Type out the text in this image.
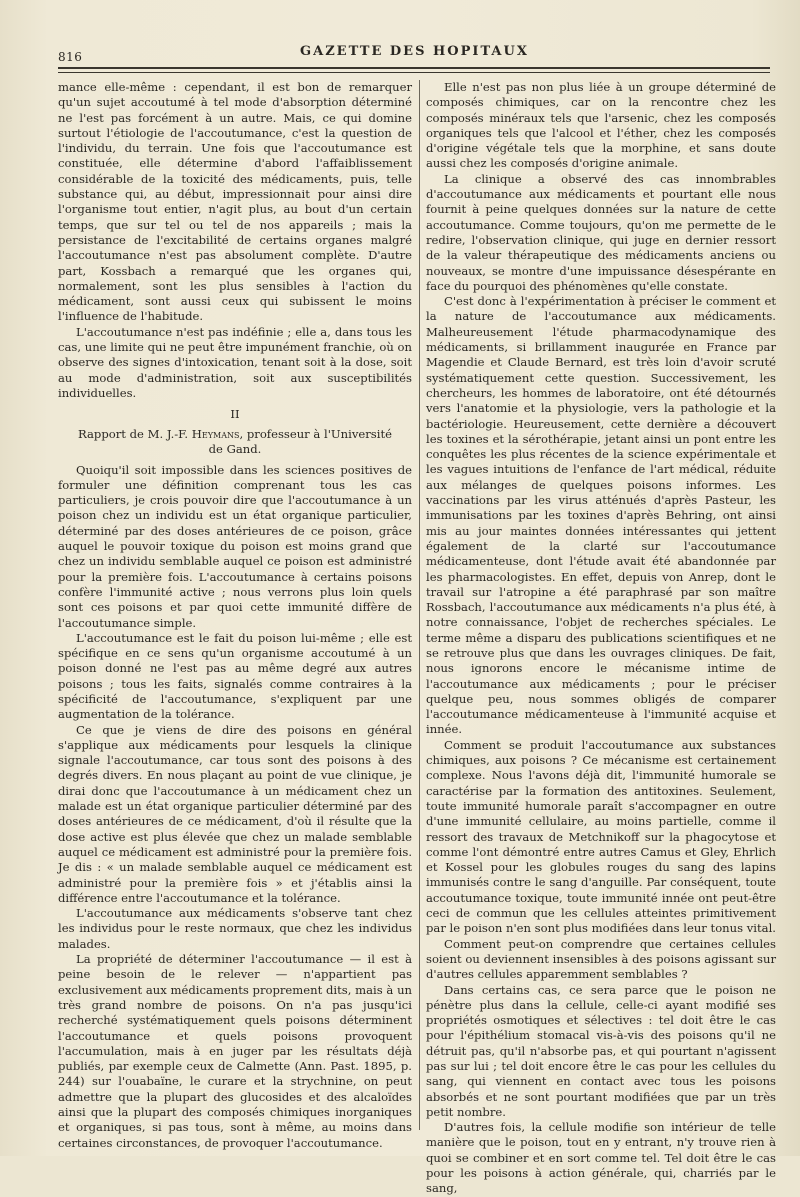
816	GAZETTE DES HOPITAUX

mance elle-même : cependant, il est bon de remarquer qu'un sujet accoutumé à tel mode d'absorption déterminé ne l'est pas forcément à un autre. Mais, ce qui domine surtout l'étiologie de l'accoutumance, c'est la question de l'individu, du terrain. Une fois que l'accoutumance est constituée, elle détermine d'abord l'affaiblissement considérable de la toxicité des médicaments, puis, telle substance qui, au début, impressionnait pour ainsi dire l'organisme tout entier, n'agit plus, au bout d'un certain temps, que sur tel ou tel de nos appareils ; mais la persistance de l'excitabilité de certains organes malgré l'accoutumance n'est pas absolument complète. D'autre part, Kossbach a remarqué que les organes qui, normalement, sont les plus sensibles à l'action du médicament, sont aussi ceux qui subissent le moins l'influence de l'habitude.

L'accoutumance n'est pas indéfinie ; elle a, dans tous les cas, une limite qui ne peut être impunément franchie, où on observe des signes d'intoxication, tenant soit à la dose, soit au mode d'administration, soit aux susceptibilités individuelles.

II
Rapport de M. J.-F. Heymans, professeur à l'Université de Gand.

Quoiqu'il soit impossible dans les sciences positives de formuler une définition comprenant tous les cas particuliers, je crois pouvoir dire que l'accoutumance à un poison chez un individu est un état organique particulier, déterminé par des doses antérieures de ce poison, grâce auquel le pouvoir toxique du poison est moins grand que chez un individu semblable auquel ce poison est administré pour la première fois. L'accoutumance à certains poisons confère l'immunité active ; nous verrons plus loin quels sont ces poisons et par quoi cette immunité diffère de l'accoutumance simple.

L'accoutumance est le fait du poison lui-même ; elle est spécifique en ce sens qu'un organisme accoutumé à un poison donné ne l'est pas au même degré aux autres poisons ; tous les faits, signalés comme contraires à la spécificité de l'accoutumance, s'expliquent par une augmentation de la tolérance.

Ce que je viens de dire des poisons en général s'applique aux médicaments pour lesquels la clinique signale l'accoutumance, car tous sont des poisons à des degrés divers. En nous plaçant au point de vue clinique, je dirai donc que l'accoutumance à un médicament chez un malade est un état organique particulier déterminé par des doses antérieures de ce médicament, d'où il résulte que la dose active est plus élevée que chez un malade semblable auquel ce médicament est administré pour la première fois. Je dis : « un malade semblable auquel ce médicament est administré pour la première fois » et j'établis ainsi la différence entre l'accoutumance et la tolérance.

L'accoutumance aux médicaments s'observe tant chez les individus pour le reste normaux, que chez les individus malades.

La propriété de déterminer l'accoutumance — il est à peine besoin de le relever — n'appartient pas exclusivement aux médicaments proprement dits, mais à un très grand nombre de poisons. On n'a pas jusqu'ici recherché systématiquement quels poisons déterminent l'accoutumance et quels poisons provoquent l'accumulation, mais à en juger par les résultats déjà publiés, par exemple ceux de Calmette (Ann. Past. 1895, p. 244) sur l'ouabaïne, le curare et la strychnine, on peut admettre que la plupart des glucosides et des alcaloïdes ainsi que la plupart des composés chimiques inorganiques et organiques, si pas tous, sont à même, au moins dans certaines circonstances, de provoquer l'accoutumance.

Elle n'est pas non plus liée à un groupe déterminé de composés chimiques, car on la rencontre chez les composés minéraux tels que l'arsenic, chez les composés organiques tels que l'alcool et l'éther, chez les composés d'origine végétale tels que la morphine, et sans doute aussi chez les composés d'origine animale.

La clinique a observé des cas innombrables d'accoutumance aux médicaments et pourtant elle nous fournit à peine quelques données sur la nature de cette accoutumance. Comme toujours, qu'on me permette de le redire, l'observation clinique, qui juge en dernier ressort de la valeur thérapeutique des médicaments anciens ou nouveaux, se montre d'une impuissance désespérante en face du pourquoi des phénomènes qu'elle constate.

C'est donc à l'expérimentation à préciser le comment et la nature de l'accoutumance aux médicaments. Malheureusement l'étude pharmacodynamique des médicaments, si brillamment inaugurée en France par Magendie et Claude Bernard, est très loin d'avoir scruté systématiquement cette question. Successivement, les chercheurs, les hommes de laboratoire, ont été détournés vers l'anatomie et la physiologie, vers la pathologie et la bactériologie. Heureusement, cette dernière a découvert les toxines et la sérothérapie, jetant ainsi un pont entre les conquêtes les plus récentes de la science expérimentale et les vagues intuitions de l'enfance de l'art médical, réduite aux mélanges de quelques poisons informes. Les vaccinations par les virus atténués d'après Pasteur, les immunisations par les toxines d'après Behring, ont ainsi mis au jour maintes données intéressantes qui jettent également de la clarté sur l'accoutumance médicamenteuse, dont l'étude avait été abandonnée par les pharmacologistes. En effet, depuis von Anrep, dont le travail sur l'atropine a été paraphrasé par son maître Rossbach, l'accoutumance aux médicaments n'a plus été, à notre connaissance, l'objet de recherches spéciales. Le terme même a disparu des publications scientifiques et ne se retrouve plus que dans les ouvrages cliniques. De fait, nous ignorons encore le mécanisme intime de l'accoutumance aux médicaments ; pour le préciser quelque peu, nous sommes obligés de comparer l'accoutumance médicamenteuse à l'immunité acquise et innée.

Comment se produit l'accoutumance aux substances chimiques, aux poisons ? Ce mécanisme est certainement complexe. Nous l'avons déjà dit, l'immunité humorale se caractérise par la formation des antitoxines. Seulement, toute immunité humorale paraît s'accompagner en outre d'une immunité cellulaire, au moins partielle, comme il ressort des travaux de Metchnikoff sur la phagocytose et comme l'ont démontré entre autres Camus et Gley, Ehrlich et Kossel pour les globules rouges du sang des lapins immunisés contre le sang d'anguille. Par conséquent, toute accoutumance toxique, toute immunité innée ont peut-être ceci de commun que les cellules atteintes primitivement par le poison n'en sont plus modifiées dans leur tonus vital.

Comment peut-on comprendre que certaines cellules soient ou deviennent insensibles à des poisons agissant sur d'autres cellules apparemment semblables ?

Dans certains cas, ce sera parce que le poison ne pénètre plus dans la cellule, celle-ci ayant modifié ses propriétés osmotiques et sélectives : tel doit être le cas pour l'épithélium stomacal vis-à-vis des poisons qu'il ne détruit pas, qu'il n'absorbe pas, et qui pourtant n'agissent pas sur lui ; tel doit encore être le cas pour les cellules du sang, qui viennent en contact avec tous les poisons absorbés et ne sont pourtant modifiées que par un très petit nombre.

D'autres fois, la cellule modifie son intérieur de telle manière que le poison, tout en y entrant, n'y trouve rien à quoi se combiner et en sort comme tel. Tel doit être le cas pour les poisons à action générale, qui, charriés par le sang,
